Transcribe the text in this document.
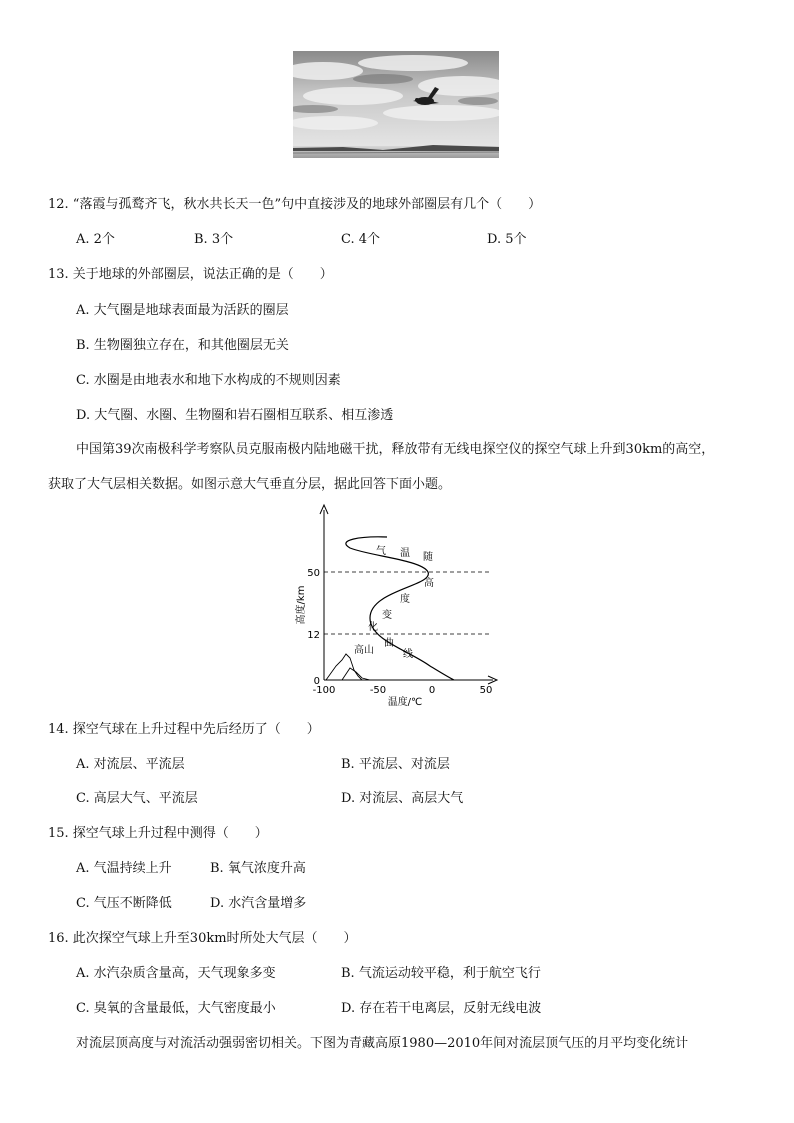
12. “落霞与孤鹜齐飞，秋水共长天一色”句中直接涉及的地球外部圈层有几个（　　）
A. 2个	B. 3个	C. 4个	D. 5个
13. 关于地球的外部圈层，说法正确的是（　　）
A. 大气圈是地球表面最为活跃的圈层
B. 生物圈独立存在，和其他圈层无关
C. 水圈是由地表水和地下水构成的不规则因素
D. 大气圈、水圈、生物圈和岩石圈相互联系、相互渗透
中国第39次南极科学考察队员克服南极内陆地磁干扰，释放带有无线电探空仪的探空气球上升到30km的高空，
获取了大气层相关数据。如图示意大气垂直分层，据此回答下面小题。
50
12
0
-100	-50	0	50
高度/km
温度/℃
气 温 随
高
度
变
化
曲
线
高山
14. 探空气球在上升过程中先后经历了（　　）
A. 对流层、平流层	B. 平流层、对流层
C. 高层大气、平流层	D. 对流层、高层大气
15. 探空气球上升过程中测得（　　）
A. 气温持续上升	B. 氧气浓度升高
C. 气压不断降低	D. 水汽含量增多
16. 此次探空气球上升至30km时所处大气层（　　）
A. 水汽杂质含量高，天气现象多变	B. 气流运动较平稳，利于航空飞行
C. 臭氧的含量最低，大气密度最小	D. 存在若干电离层，反射无线电波
对流层顶高度与对流活动强弱密切相关。下图为青藏高原1980—2010年间对流层顶气压的月平均变化统计
